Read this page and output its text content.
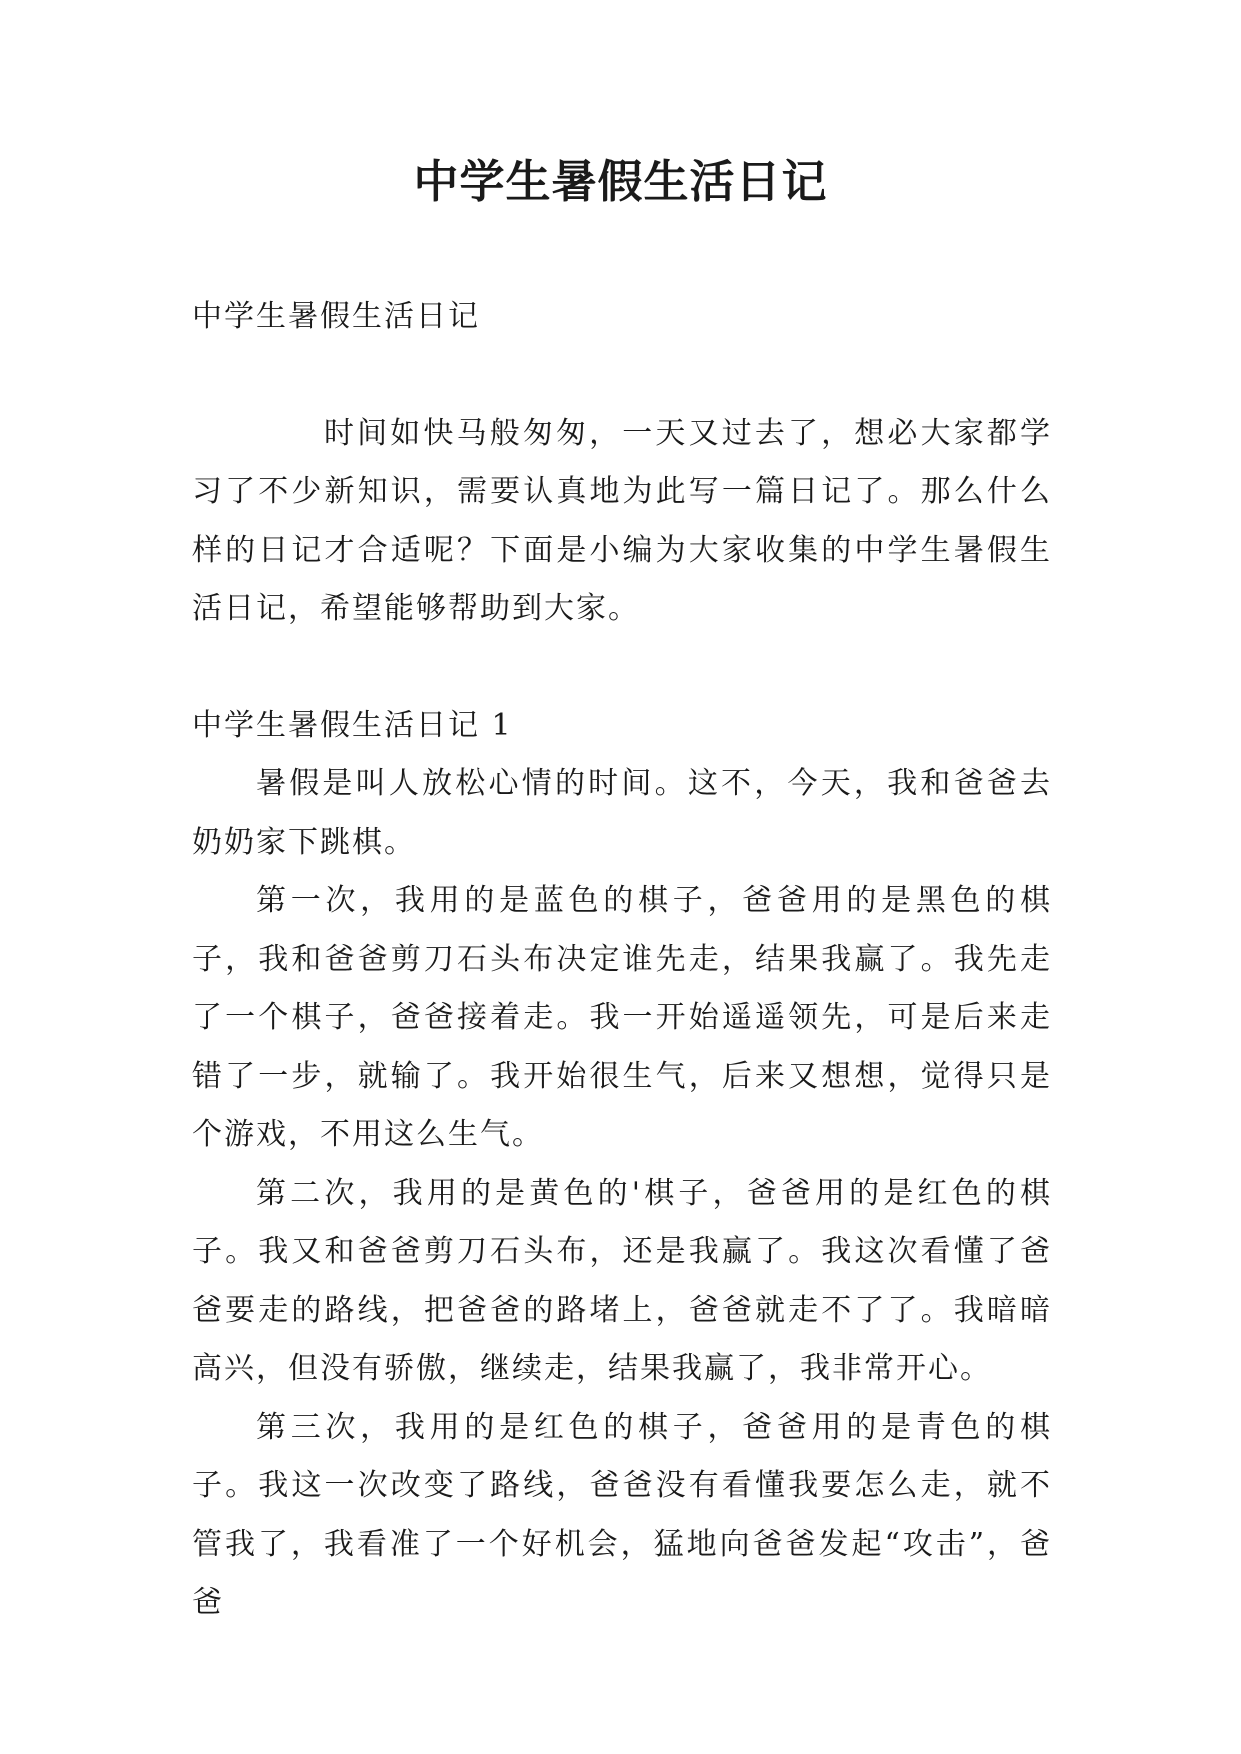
中学生暑假生活日记

中学生暑假生活日记

时间如快马般匆匆，一天又过去了，想必大家都学习了不少新知识，需要认真地为此写一篇日记了。那么什么样的日记才合适呢？下面是小编为大家收集的中学生暑假生活日记，希望能够帮助到大家。

中学生暑假生活日记 1

暑假是叫人放松心情的时间。这不，今天，我和爸爸去奶奶家下跳棋。

第一次，我用的是蓝色的棋子，爸爸用的是黑色的棋子，我和爸爸剪刀石头布决定谁先走，结果我赢了。我先走了一个棋子，爸爸接着走。我一开始遥遥领先，可是后来走错了一步，就输了。我开始很生气，后来又想想，觉得只是个游戏，不用这么生气。

第二次，我用的是黄色的'棋子，爸爸用的是红色的棋子。我又和爸爸剪刀石头布，还是我赢了。我这次看懂了爸爸要走的路线，把爸爸的路堵上，爸爸就走不了了。我暗暗高兴，但没有骄傲，继续走，结果我赢了，我非常开心。

第三次，我用的是红色的棋子，爸爸用的是青色的棋子。我这一次改变了路线，爸爸没有看懂我要怎么走，就不管我了，我看准了一个好机会，猛地向爸爸发起“攻击”，爸爸
